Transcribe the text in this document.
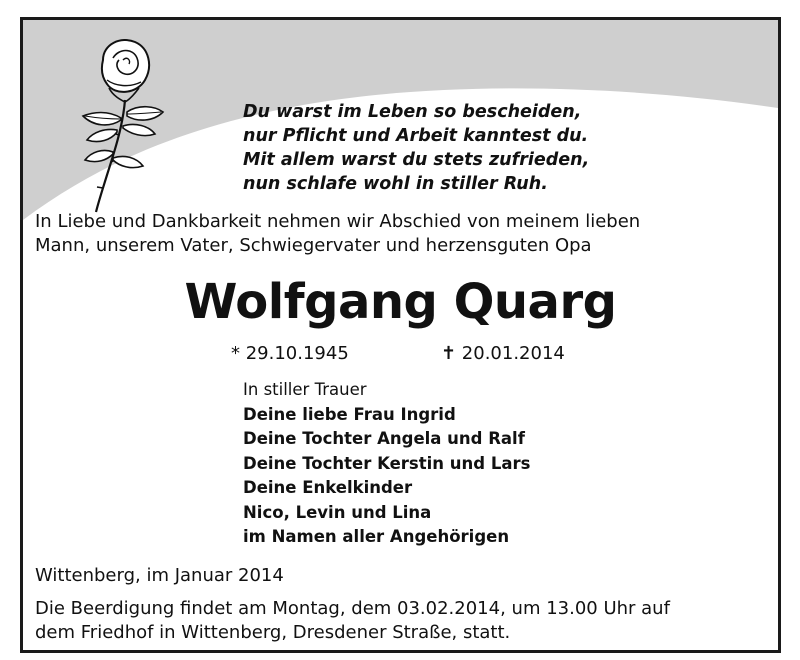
Du warst im Leben so bescheiden,
nur Pflicht und Arbeit kanntest du.
Mit allem warst du stets zufrieden,
nun schlafe wohl in stiller Ruh.
In Liebe und Dankbarkeit nehmen wir Abschied von meinem lieben
Mann, unserem Vater, Schwiegervater und herzensguten Opa
Wolfgang Quarg
* 29.10.1945	✝ 20.01.2014
In stiller Trauer
Deine liebe Frau Ingrid
Deine Tochter Angela und Ralf
Deine Tochter Kerstin und Lars
Deine Enkelkinder
Nico, Levin und Lina
im Namen aller Angehörigen
Wittenberg, im Januar 2014
Die Beerdigung findet am Montag, dem 03.02.2014, um 13.00 Uhr auf
dem Friedhof in Wittenberg, Dresdener Straße, statt.
